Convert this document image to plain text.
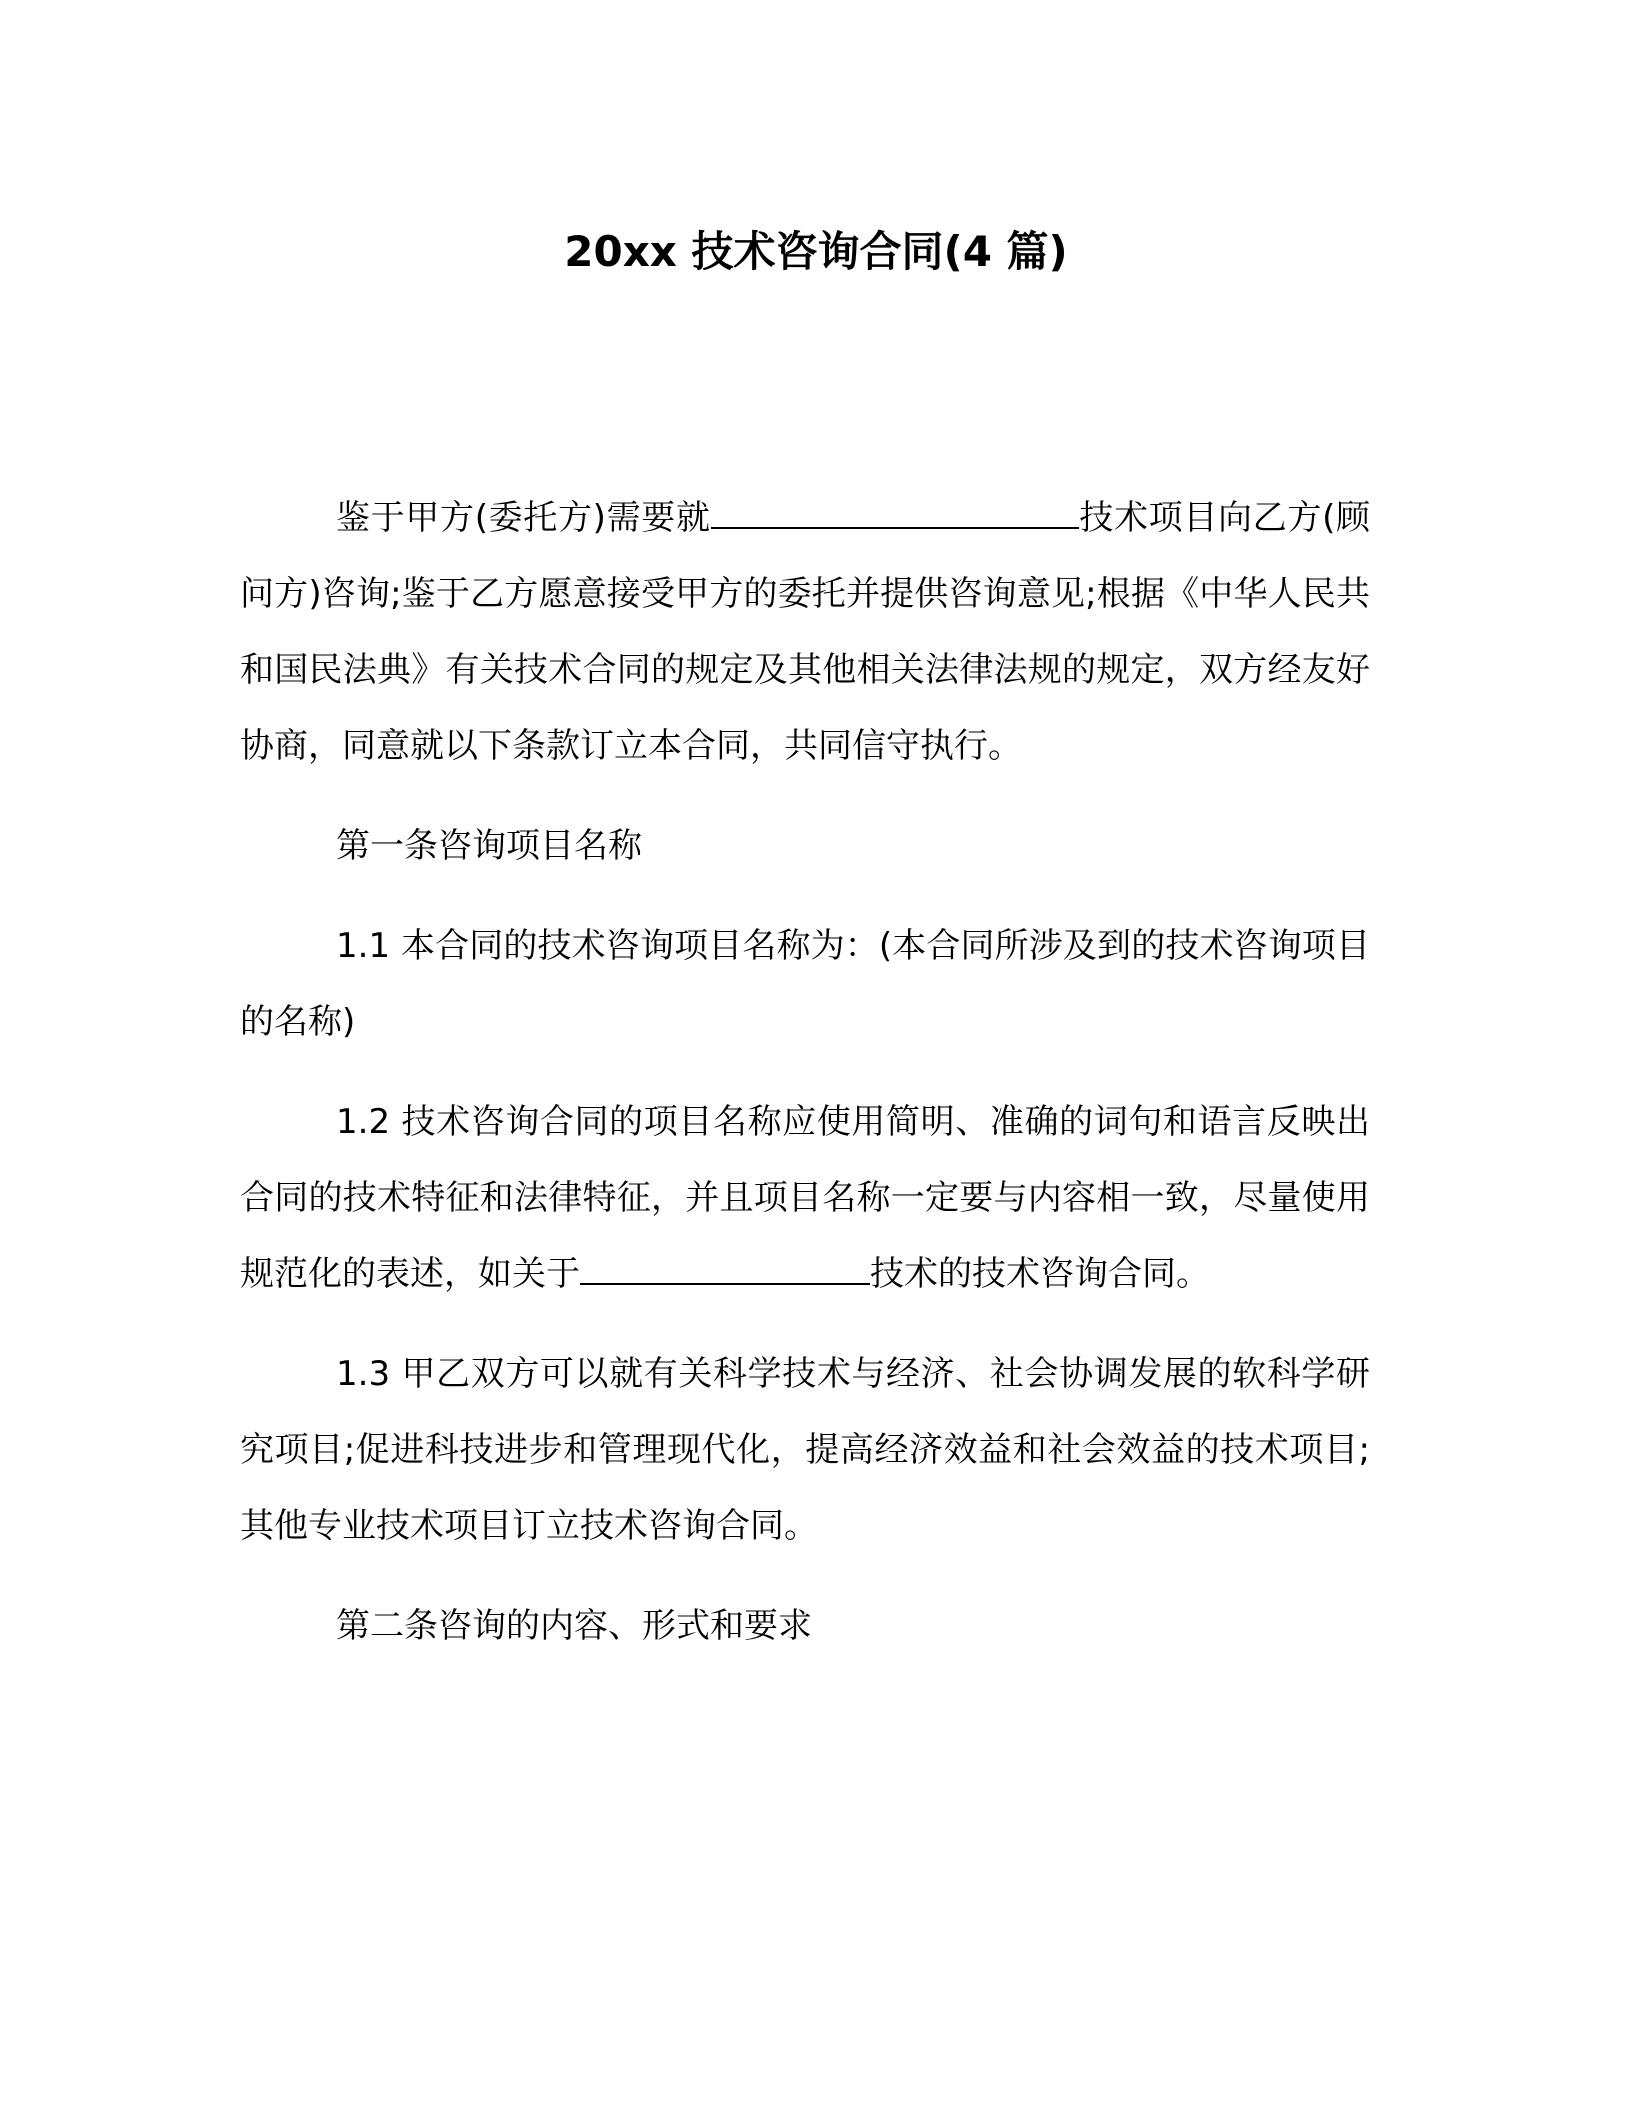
20xx 技术咨询合同(4 篇)

鉴于甲方(委托方)需要就	技术项目向乙方(顾问方)咨询;鉴于乙方愿意接受甲方的委托并提供咨询意见;根据《中华人民共和国民法典》有关技术合同的规定及其他相关法律法规的规定，双方经友好协商，同意就以下条款订立本合同，共同信守执行。

第一条咨询项目名称

1.1 本合同的技术咨询项目名称为：(本合同所涉及到的技术咨询项目的名称)

1.2 技术咨询合同的项目名称应使用简明、准确的词句和语言反映出合同的技术特征和法律特征，并且项目名称一定要与内容相一致，尽量使用规范化的表述，如关于	技术的技术咨询合同。

1.3 甲乙双方可以就有关科学技术与经济、社会协调发展的软科学研究项目;促进科技进步和管理现代化，提高经济效益和社会效益的技术项目;其他专业技术项目订立技术咨询合同。

第二条咨询的内容、形式和要求
